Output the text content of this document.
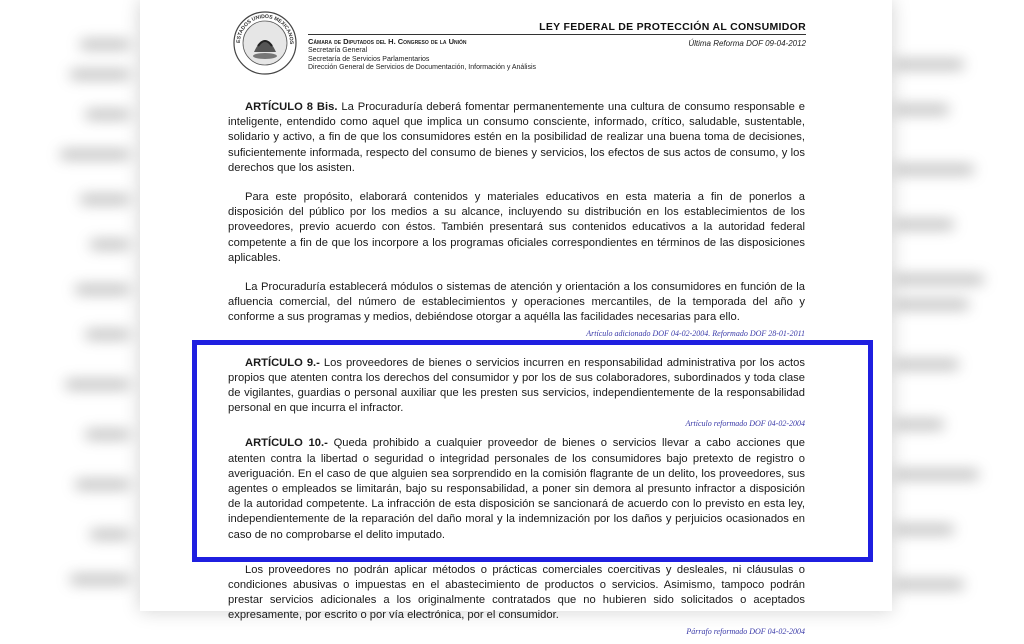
ESTADOS UNIDOS MEXICANOS
LEY FEDERAL DE PROTECCIÓN AL CONSUMIDOR
Última Reforma DOF 09-04-2012
Cámara de Diputados del H. Congreso de la Unión
Secretaría General
Secretaría de Servicios Parlamentarios
Dirección General de Servicios de Documentación, Información y Análisis

ARTÍCULO 8 Bis. La Procuraduría deberá fomentar permanentemente una cultura de consumo responsable e inteligente, entendido como aquel que implica un consumo consciente, informado, crítico, saludable, sustentable, solidario y activo, a fin de que los consumidores estén en la posibilidad de realizar una buena toma de decisiones, suficientemente informada, respecto del consumo de bienes y servicios, los efectos de sus actos de consumo, y los derechos que los asisten.

Para este propósito, elaborará contenidos y materiales educativos en esta materia a fin de ponerlos a disposición del público por los medios a su alcance, incluyendo su distribución en los establecimientos de los proveedores, previo acuerdo con éstos. También presentará sus contenidos educativos a la autoridad federal competente a fin de que los incorpore a los programas oficiales correspondientes en términos de las disposiciones aplicables.

La Procuraduría establecerá módulos o sistemas de atención y orientación a los consumidores en función de la afluencia comercial, del número de establecimientos y operaciones mercantiles, de la temporada del año y conforme a sus programas y medios, debiéndose otorgar a aquélla las facilidades necesarias para ello.

Artículo adicionado DOF 04-02-2004. Reformado DOF 28-01-2011

ARTÍCULO 9.- Los proveedores de bienes o servicios incurren en responsabilidad administrativa por los actos propios que atenten contra los derechos del consumidor y por los de sus colaboradores, subordinados y toda clase de vigilantes, guardias o personal auxiliar que les presten sus servicios, independientemente de la responsabilidad personal en que incurra el infractor.

Artículo reformado DOF 04-02-2004

ARTÍCULO 10.- Queda prohibido a cualquier proveedor de bienes o servicios llevar a cabo acciones que atenten contra la libertad o seguridad o integridad personales de los consumidores bajo pretexto de registro o averiguación. En el caso de que alguien sea sorprendido en la comisión flagrante de un delito, los proveedores, sus agentes o empleados se limitarán, bajo su responsabilidad, a poner sin demora al presunto infractor a disposición de la autoridad competente. La infracción de esta disposición se sancionará de acuerdo con lo previsto en esta ley, independientemente de la reparación del daño moral y la indemnización por los daños y perjuicios ocasionados en caso de no comprobarse el delito imputado.

Los proveedores no podrán aplicar métodos o prácticas comerciales coercitivas y desleales, ni cláusulas o condiciones abusivas o impuestas en el abastecimiento de productos o servicios. Asimismo, tampoco podrán prestar servicios adicionales a los originalmente contratados que no hubieren sido solicitados o aceptados expresamente, por escrito o por vía electrónica, por el consumidor.

Párrafo reformado DOF 04-02-2004
